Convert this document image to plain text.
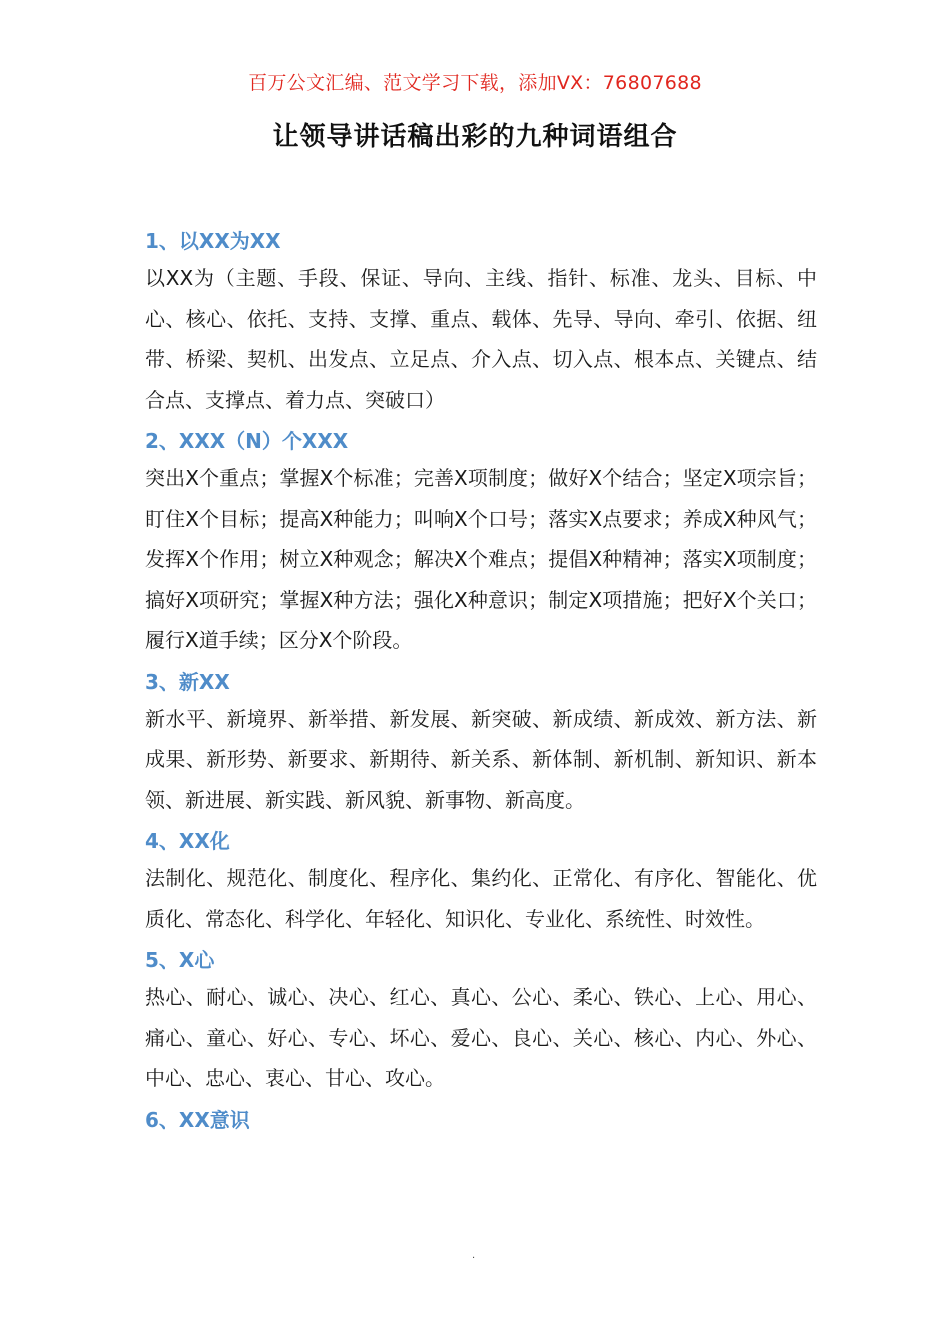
百万公文汇编、范文学习下载，添加VX：76807688
让领导讲话稿出彩的九种词语组合

1、以XX为XX

以XX为（主题、手段、保证、导向、主线、指针、标准、龙头、目标、中心、核心、依托、支持、支撑、重点、载体、先导、导向、牵引、依据、纽带、桥梁、契机、出发点、立足点、介入点、切入点、根本点、关键点、结合点、支撑点、着力点、突破口）

2、XXX（N）个XXX

突出X个重点；掌握X个标准；完善X项制度；做好X个结合；坚定X项宗旨；盯住X个目标；提高X种能力；叫响X个口号；落实X点要求；养成X种风气；发挥X个作用；树立X种观念；解决X个难点；提倡X种精神；落实X项制度；搞好X项研究；掌握X种方法；强化X种意识；制定X项措施；把好X个关口；履行X道手续；区分X个阶段。

3、新XX

新水平、新境界、新举措、新发展、新突破、新成绩、新成效、新方法、新成果、新形势、新要求、新期待、新关系、新体制、新机制、新知识、新本领、新进展、新实践、新风貌、新事物、新高度。

4、XX化

法制化、规范化、制度化、程序化、集约化、正常化、有序化、智能化、优质化、常态化、科学化、年轻化、知识化、专业化、系统性、时效性。

5、X心

热心、耐心、诚心、决心、红心、真心、公心、柔心、铁心、上心、用心、痛心、童心、好心、专心、坏心、爱心、良心、关心、核心、内心、外心、中心、忠心、衷心、甘心、攻心。

6、XX意识

.
